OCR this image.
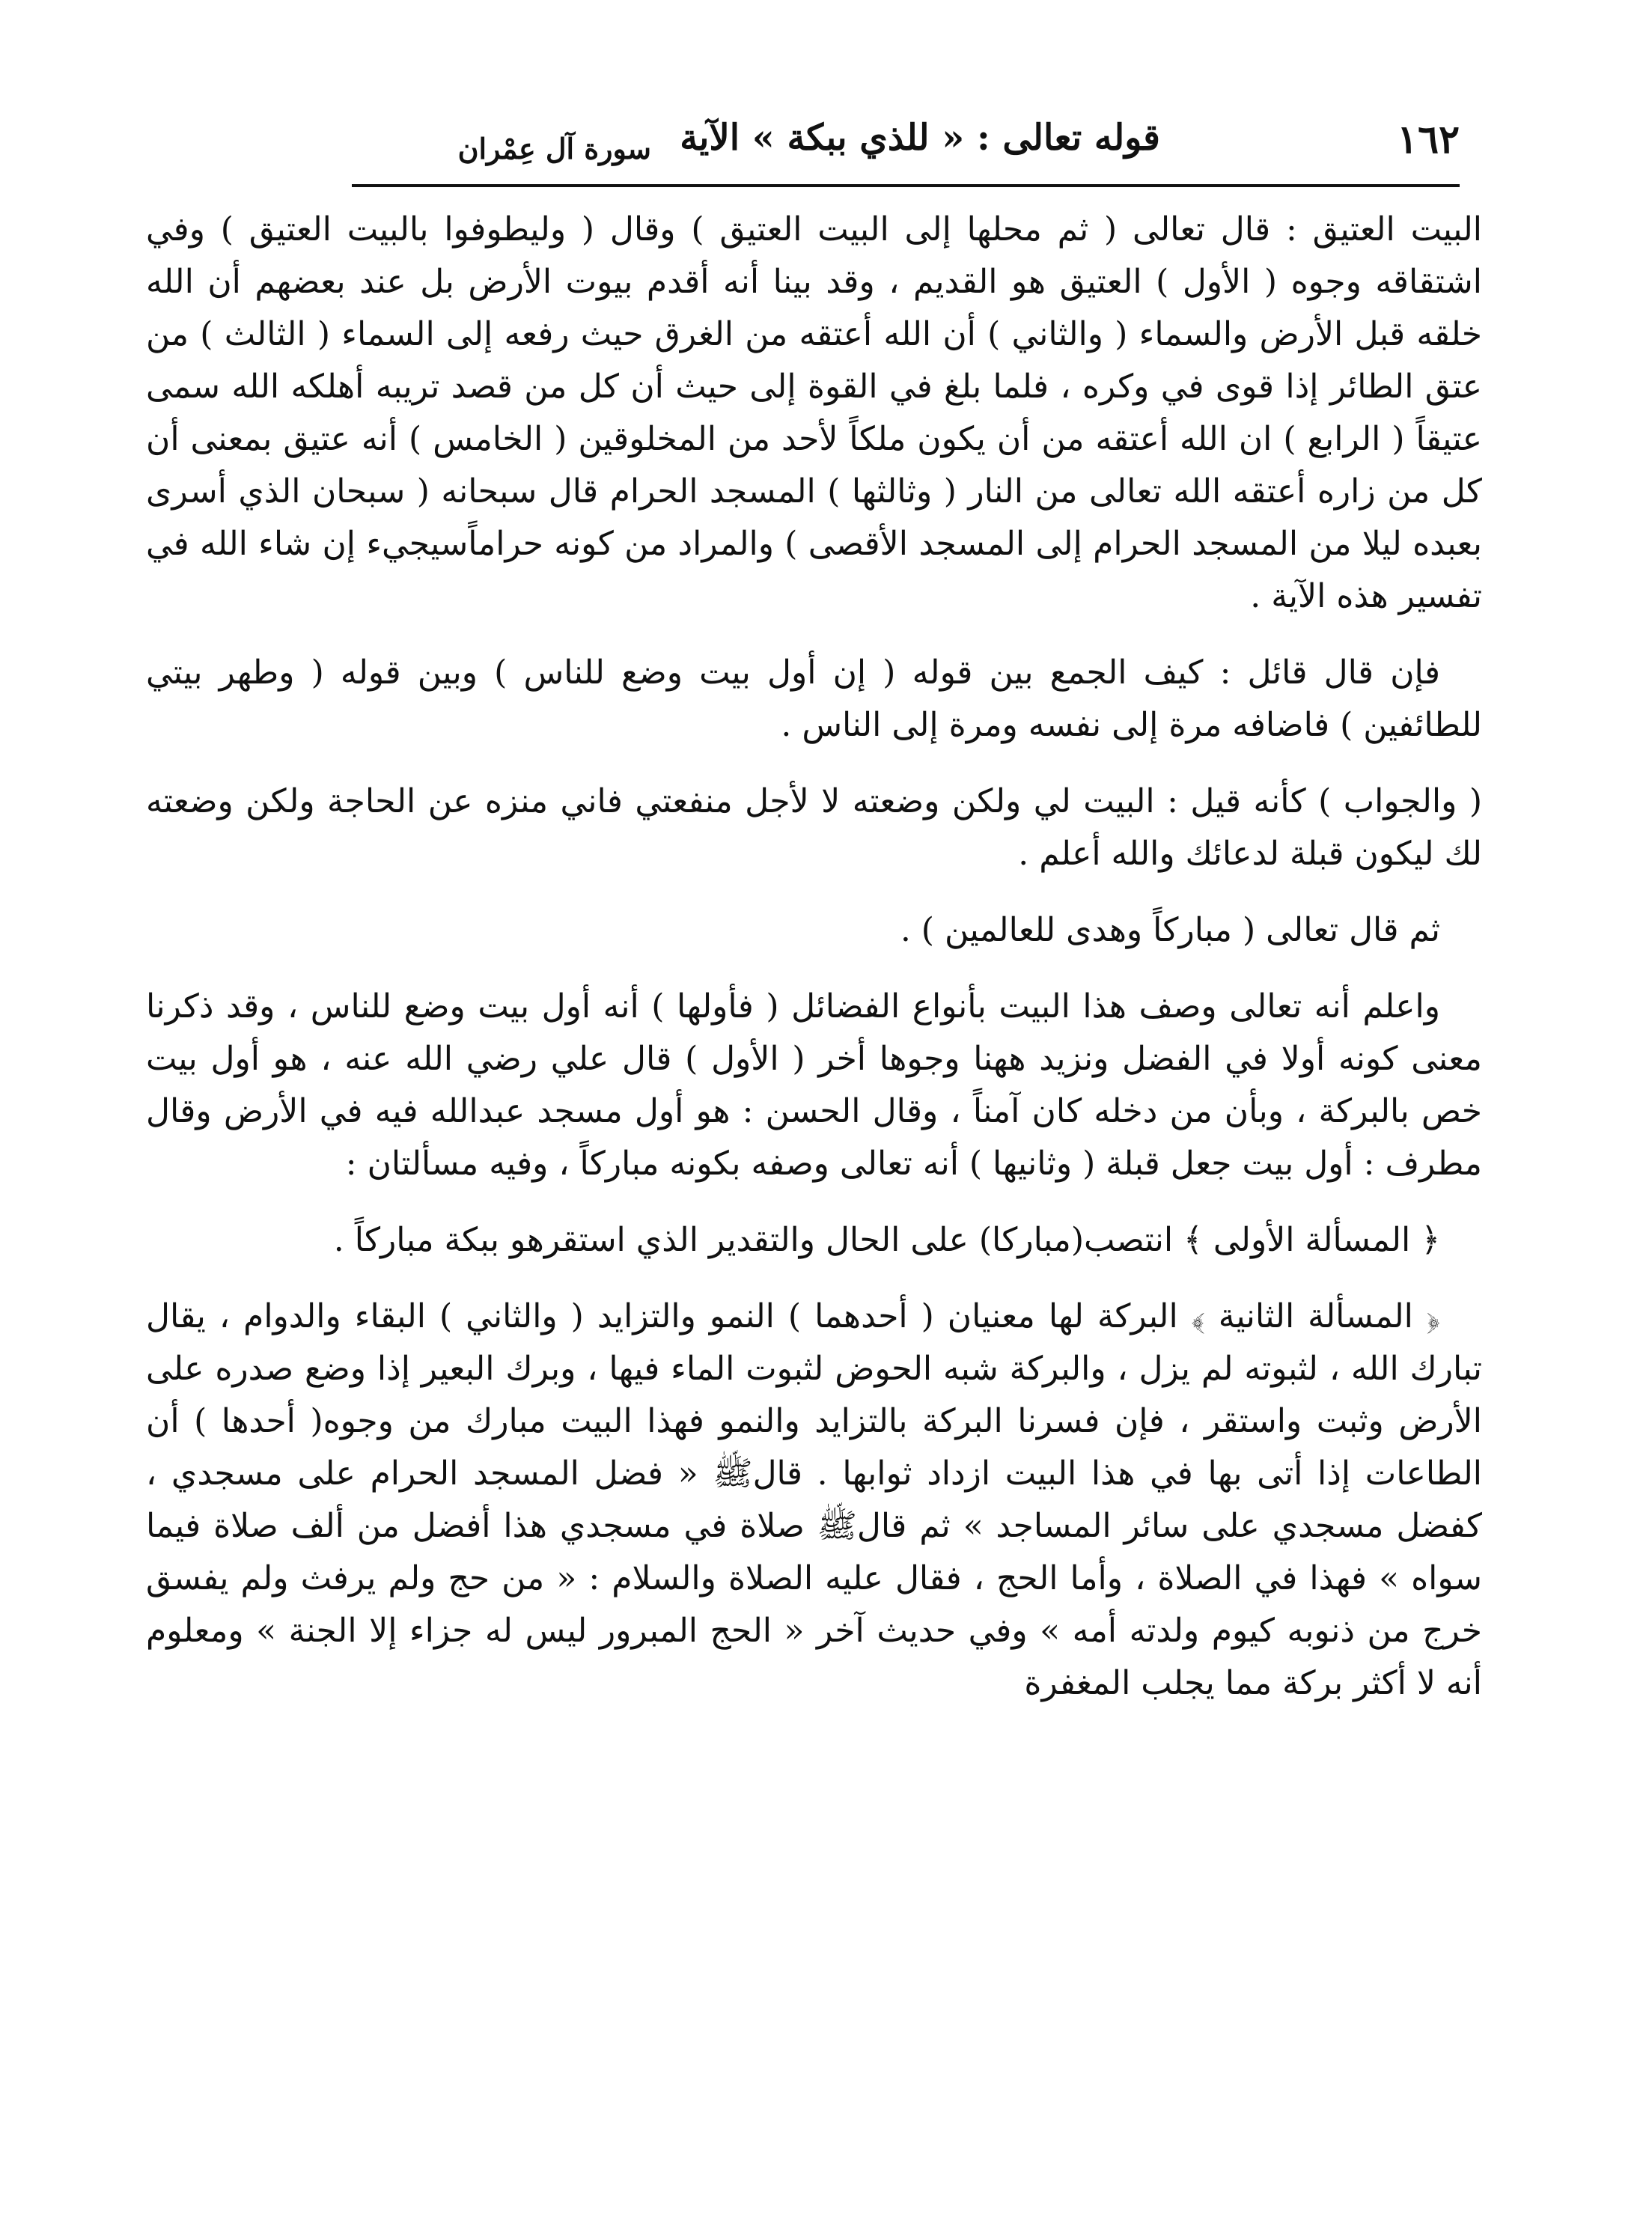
١٦٢
قوله تعالى : « للذي ببكة » الآية
سورة آل عِمْران

البيت العتيق : قال تعالى ( ثم محلها إلى البيت العتيق ) وقال ( وليطوفوا بالبيت العتيق ) وفي اشتقاقه وجوه ( الأول ) العتيق هو القديم ، وقد بينا أنه أقدم بيوت الأرض بل عند بعضهم أن الله خلقه قبل الأرض والسماء ( والثاني ) أن الله أعتقه من الغرق حيث رفعه إلى السماء ( الثالث ) من عتق الطائر إذا قوى في وكره ، فلما بلغ في القوة إلى حيث أن كل من قصد تريبه أهلكه الله سمى عتيقاً ( الرابع ) ان الله أعتقه من أن يكون ملكاً لأحد من المخلوقين ( الخامس ) أنه عتيق بمعنى أن كل من زاره أعتقه الله تعالى من النار ( وثالثها ) المسجد الحرام قال سبحانه ( سبحان الذي أسرى بعبده ليلا من المسجد الحرام إلى المسجد الأقصى ) والمراد من كونه حراماًسيجيء إن شاء الله في تفسير هذه الآية .

فإن قال قائل : كيف الجمع بين قوله ( إن أول بيت وضع للناس ) وبين قوله ( وطهر بيتي للطائفين ) فاضافه مرة إلى نفسه ومرة إلى الناس .

( والجواب ) كأنه قيل : البيت لي ولكن وضعته لا لأجل منفعتي فاني منزه عن الحاجة ولكن وضعته لك ليكون قبلة لدعائك والله أعلم .

ثم قال تعالى ( مباركاً وهدى للعالمين ) .

واعلم أنه تعالى وصف هذا البيت بأنواع الفضائل ( فأولها ) أنه أول بيت وضع للناس ، وقد ذكرنا معنى كونه أولا في الفضل ونزيد ههنا وجوها أخر ( الأول ) قال علي رضي الله عنه ، هو أول بيت خص بالبركة ، وبأن من دخله كان آمناً ، وقال الحسن : هو أول مسجد عبدالله فيه في الأرض وقال مطرف : أول بيت جعل قبلة ( وثانيها ) أنه تعالى وصفه بكونه مباركاً ، وفيه مسألتان :

﴿ المسألة الأولى ﴾ انتصب(مباركا) على الحال والتقدير الذي استقرهو ببكة مباركاً .

﴿ المسألة الثانية ﴾ البركة لها معنيان ( أحدهما ) النمو والتزايد ( والثاني ) البقاء والدوام ، يقال تبارك الله ، لثبوته لم يزل ، والبركة شبه الحوض لثبوت الماء فيها ، وبرك البعير إذا وضع صدره على الأرض وثبت واستقر ، فإن فسرنا البركة بالتزايد والنمو فهذا البيت مبارك من وجوه( أحدها ) أن الطاعات إذا أتى بها في هذا البيت ازداد ثوابها . قالﷺ « فضل المسجد الحرام على مسجدي ، كفضل مسجدي على سائر المساجد » ثم قالﷺ صلاة في مسجدي هذا أفضل من ألف صلاة فيما سواه » فهذا في الصلاة ، وأما الحج ، فقال عليه الصلاة والسلام : « من حج ولم يرفث ولم يفسق خرج من ذنوبه كيوم ولدته أمه » وفي حديث آخر « الحج المبرور ليس له جزاء إلا الجنة » ومعلوم أنه لا أكثر بركة مما يجلب المغفرة
